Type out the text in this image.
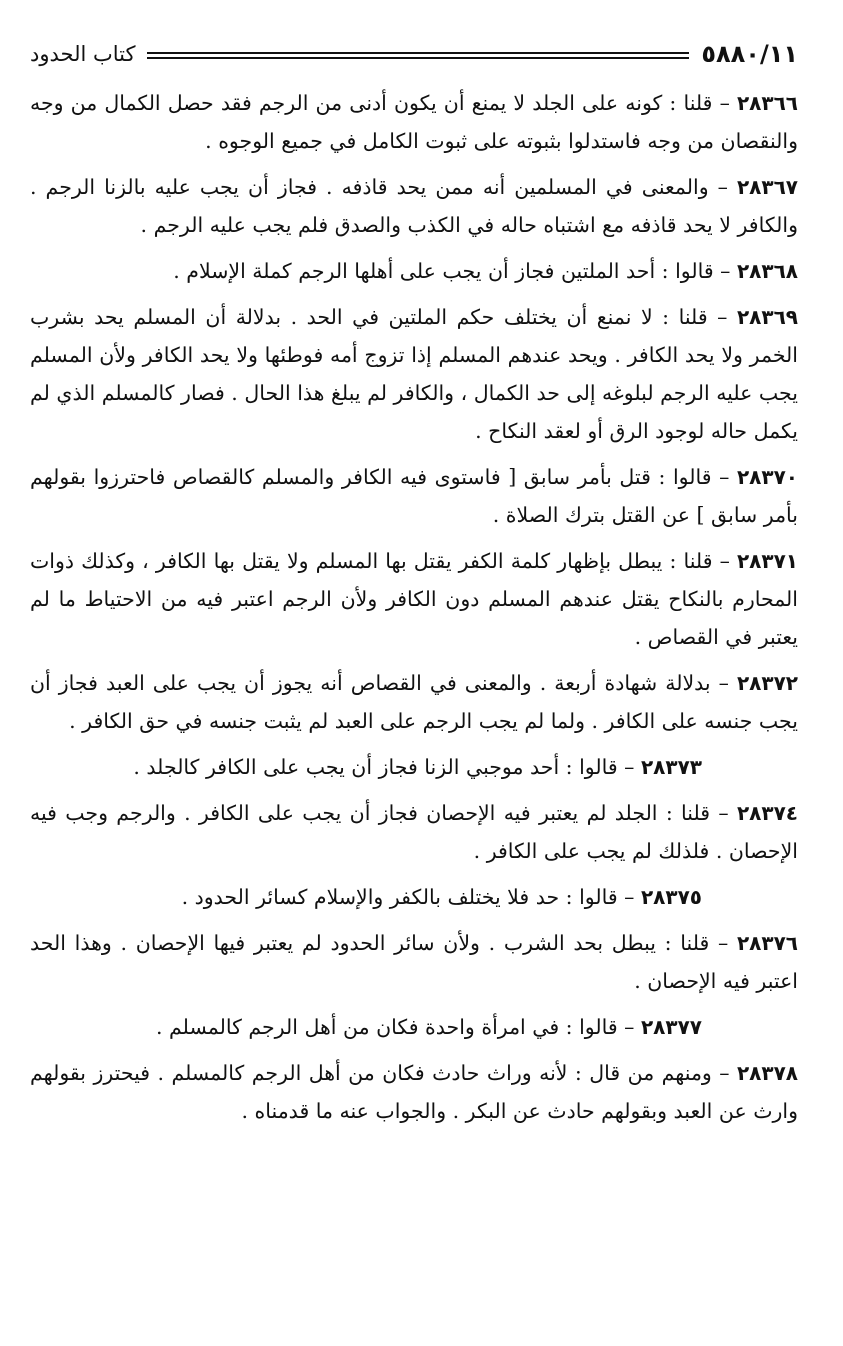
٥٨٨٠/١١
كتاب الحدود

٢٨٣٦٦ – قلنا : كونه على الجلد لا يمنع أن يكون أدنى من الرجم فقد حصل الكمال من وجه والنقصان من وجه فاستدلوا بثبوته على ثبوت الكامل في جميع الوجوه .

٢٨٣٦٧ – والمعنى في المسلمين أنه ممن يحد قاذفه . فجاز أن يجب عليه بالزنا الرجم . والكافر لا يحد قاذفه مع اشتباه حاله في الكذب والصدق فلم يجب عليه الرجم .

٢٨٣٦٨ – قالوا : أحد الملتين فجاز أن يجب على أهلها الرجم كملة الإسلام .

٢٨٣٦٩ – قلنا : لا نمنع أن يختلف حكم الملتين في الحد . بدلالة أن المسلم يحد بشرب الخمر ولا يحد الكافر . ويحد عندهم المسلم إذا تزوج أمه فوطئها ولا يحد الكافر ولأن المسلم يجب عليه الرجم لبلوغه إلى حد الكمال ، والكافر لم يبلغ هذا الحال . فصار كالمسلم الذي لم يكمل حاله لوجود الرق أو لعقد النكاح .

٢٨٣٧٠ – قالوا : قتل بأمر سابق [ فاستوى فيه الكافر والمسلم كالقصاص فاحترزوا بقولهم بأمر سابق ] عن القتل بترك الصلاة .

٢٨٣٧١ – قلنا : يبطل بإظهار كلمة الكفر يقتل بها المسلم ولا يقتل بها الكافر ، وكذلك ذوات المحارم بالنكاح يقتل عندهم المسلم دون الكافر ولأن الرجم اعتبر فيه من الاحتياط ما لم يعتبر في القصاص .

٢٨٣٧٢ – بدلالة شهادة أربعة . والمعنى في القصاص أنه يجوز أن يجب على العبد فجاز أن يجب جنسه على الكافر . ولما لم يجب الرجم على العبد لم يثبت جنسه في حق الكافر .

٢٨٣٧٣ – قالوا : أحد موجبي الزنا فجاز أن يجب على الكافر كالجلد .

٢٨٣٧٤ – قلنا : الجلد لم يعتبر فيه الإحصان فجاز أن يجب على الكافر . والرجم وجب فيه الإحصان . فلذلك لم يجب على الكافر .

٢٨٣٧٥ – قالوا : حد فلا يختلف بالكفر والإسلام كسائر الحدود .

٢٨٣٧٦ – قلنا : يبطل بحد الشرب . ولأن سائر الحدود لم يعتبر فيها الإحصان . وهذا الحد اعتبر فيه الإحصان .

٢٨٣٧٧ – قالوا : في امرأة واحدة فكان من أهل الرجم كالمسلم .

٢٨٣٧٨ – ومنهم من قال : لأنه وراث حادث فكان من أهل الرجم كالمسلم . فيحترز بقولهم وارث عن العبد وبقولهم حادث عن البكر . والجواب عنه ما قدمناه .
